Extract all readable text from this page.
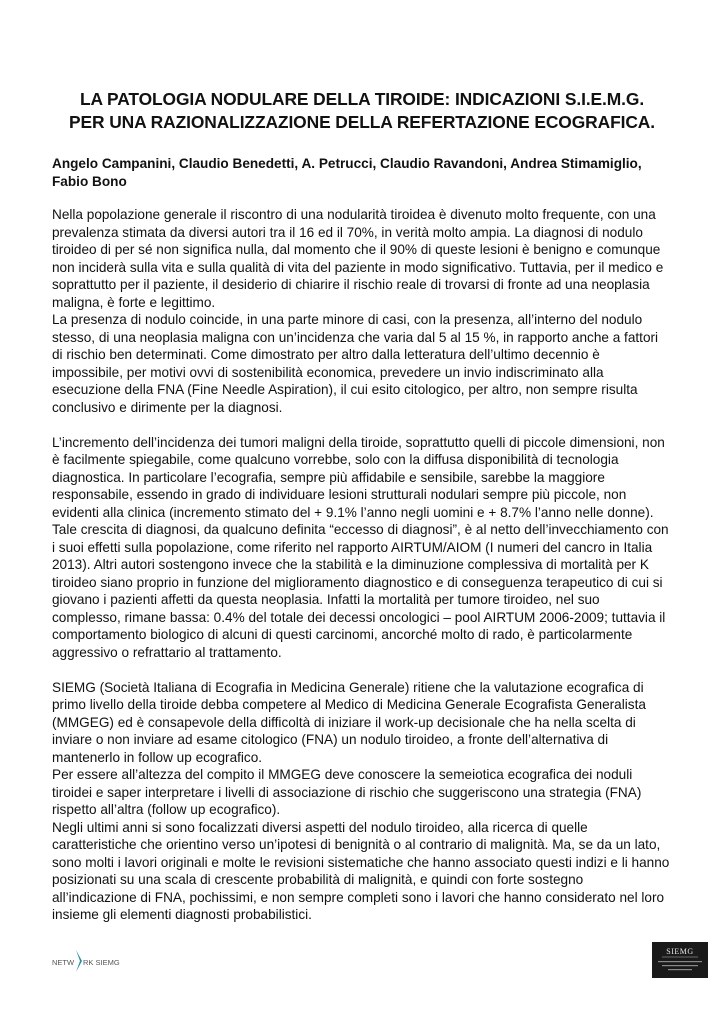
LA PATOLOGIA NODULARE DELLA TIROIDE: INDICAZIONI S.I.E.M.G.
PER UNA RAZIONALIZZAZIONE DELLA REFERTAZIONE ECOGRAFICA.

Angelo Campanini, Claudio Benedetti, A. Petrucci, Claudio Ravandoni, Andrea Stimamiglio,
Fabio Bono

Nella popolazione generale il riscontro di una nodularità tiroidea è divenuto molto frequente, con una
prevalenza stimata da diversi autori tra il 16 ed il 70%, in verità molto ampia. La diagnosi di nodulo
tiroideo di per sé non significa nulla, dal momento che il 90% di queste lesioni è benigno e comunque
non inciderà sulla vita e sulla qualità di vita del paziente in modo significativo. Tuttavia, per il medico e
soprattutto per il paziente, il desiderio di chiarire il rischio reale di trovarsi di fronte ad una neoplasia
maligna, è forte e legittimo.

La presenza di nodulo coincide, in una parte minore di casi, con la presenza, all’interno del nodulo
stesso, di una neoplasia maligna con un’incidenza che varia dal 5 al 15 %, in rapporto anche a fattori
di rischio ben determinati. Come dimostrato per altro dalla letteratura dell’ultimo decennio è
impossibile, per motivi ovvi di sostenibilità economica, prevedere un invio indiscriminato alla
esecuzione della FNA (Fine Needle Aspiration), il cui esito citologico, per altro, non sempre risulta
conclusivo e dirimente per la diagnosi.

L’incremento dell’incidenza dei tumori maligni della tiroide, soprattutto quelli di piccole dimensioni, non
è facilmente spiegabile, come qualcuno vorrebbe, solo con la diffusa disponibilità di tecnologia
diagnostica. In particolare l’ecografia, sempre più affidabile e sensibile, sarebbe la maggiore
responsabile, essendo in grado di individuare lesioni strutturali nodulari sempre più piccole, non
evidenti alla clinica (incremento stimato del + 9.1% l’anno negli uomini e + 8.7% l’anno nelle donne).
Tale crescita di diagnosi, da qualcuno definita “eccesso di diagnosi”, è al netto dell’invecchiamento con
i suoi effetti sulla popolazione, come riferito nel rapporto AIRTUM/AIOM (I numeri del cancro in Italia
2013). Altri autori sostengono invece che la stabilità e la diminuzione complessiva di mortalità per K
tiroideo siano proprio in funzione del miglioramento diagnostico e di conseguenza terapeutico di cui si
giovano i pazienti affetti da questa neoplasia. Infatti la mortalità per tumore tiroideo, nel suo
complesso, rimane bassa: 0.4% del totale dei decessi oncologici – pool AIRTUM 2006-2009; tuttavia il
comportamento biologico di alcuni di questi carcinomi, ancorché molto di rado, è particolarmente
aggressivo o refrattario al trattamento.

SIEMG (Società Italiana di Ecografia in Medicina Generale) ritiene che la valutazione ecografica di
primo livello della tiroide debba competere al Medico di Medicina Generale Ecografista Generalista
(MMGEG) ed è consapevole della difficoltà di iniziare il work-up decisionale che ha nella scelta di
inviare o non inviare ad esame citologico (FNA) un nodulo tiroideo, a fronte dell’alternativa di
mantenerlo in follow up ecografico.

Per essere all’altezza del compito il MMGEG deve conoscere la semeiotica ecografica dei noduli
tiroidei e saper interpretare i livelli di associazione di rischio che suggeriscono una strategia (FNA)
rispetto all’altra (follow up ecografico).

Negli ultimi anni si sono focalizzati diversi aspetti del nodulo tiroideo, alla ricerca di quelle
caratteristiche che orientino verso un’ipotesi di benignità o al contrario di malignità. Ma, se da un lato,
sono molti i lavori originali e molte le revisioni sistematiche che hanno associato questi indizi e li hanno
posizionati su una scala di crescente probabilità di malignità, e quindi con forte sostegno
all’indicazione di FNA, pochissimi, e non sempre completi sono i lavori che hanno considerato nel loro
insieme gli elementi diagnosti probabilistici.

NETW RK SIEMG
SIEMG
